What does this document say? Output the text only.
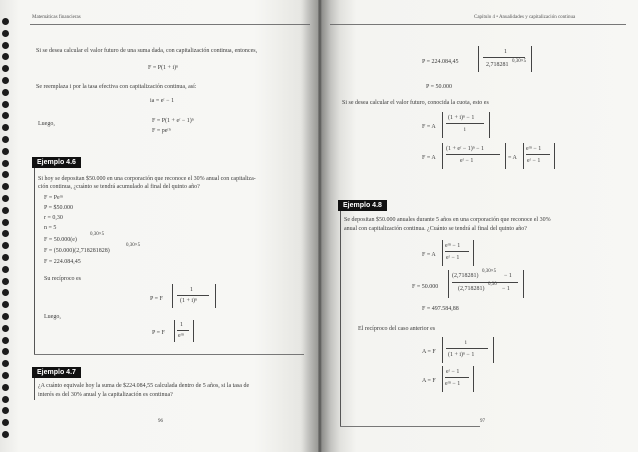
Matemáticas financieras
Si se desea calcular el valor futuro de una suma dada, con capitalización continua, entonces,
F = P(1 + i)ⁿ
Se reemplaza i por la tasa efectiva con capitalización continua, así:
ia = eʳ − 1
Luego,	F = P(1 + eʳ − 1)ⁿ
F = peʳⁿ
Ejemplo 4.6
Si hoy se depositan $50.000 en una corporación que reconoce el 30% anual con capitaliza-
ción continua, ¿cuánto se tendrá acumulado al final del quinto año?
F = Peʳⁿ
P = $50.000
r = 0,30
n = 5
F = 50.000(e)
0,30×5
F = (50.000)(2,718281828)
0,30×5
F = 224.084,45
Su recíproco es
P = F
1
(1 + i)ⁿ
Luego,
P = F
1
eʳⁿ
Ejemplo 4.7
¿A cuánto equivale hoy la suma de $224.084,55 calculada dentro de 5 años, si la tasa de
interés es del 30% anual y la capitalización es continua?
96
Capítulo 4 • Anualidades y capitalización continua
P = 224.084,45
1
2,718281
0,30×5
P = 50.000
Si se desea calcular el valor futuro, conocida la cuota, esto es
F = A
(1 + i)ⁿ − 1
i
F = A
(1 + eʳ − 1)ⁿ − 1
eʳ − 1	= A
eʳⁿ − 1
eʳ − 1
Ejemplo 4.8
Se depositan $50.000 anuales durante 5 años en una corporación que reconoce el 30%
anual con capitalización continua. ¿Cuánto se tendrá al final del quinto año?
F = A
eʳⁿ − 1
eʳ − 1
F = 50.000
(2,718281)
0,30×5
− 1
(2,718281)
0,30
− 1
F = 497.584,88
El recíproco del caso anterior es
A = F
i
(1 + i)ⁿ − 1
A = F
eʳ − 1
eʳⁿ − 1
97
